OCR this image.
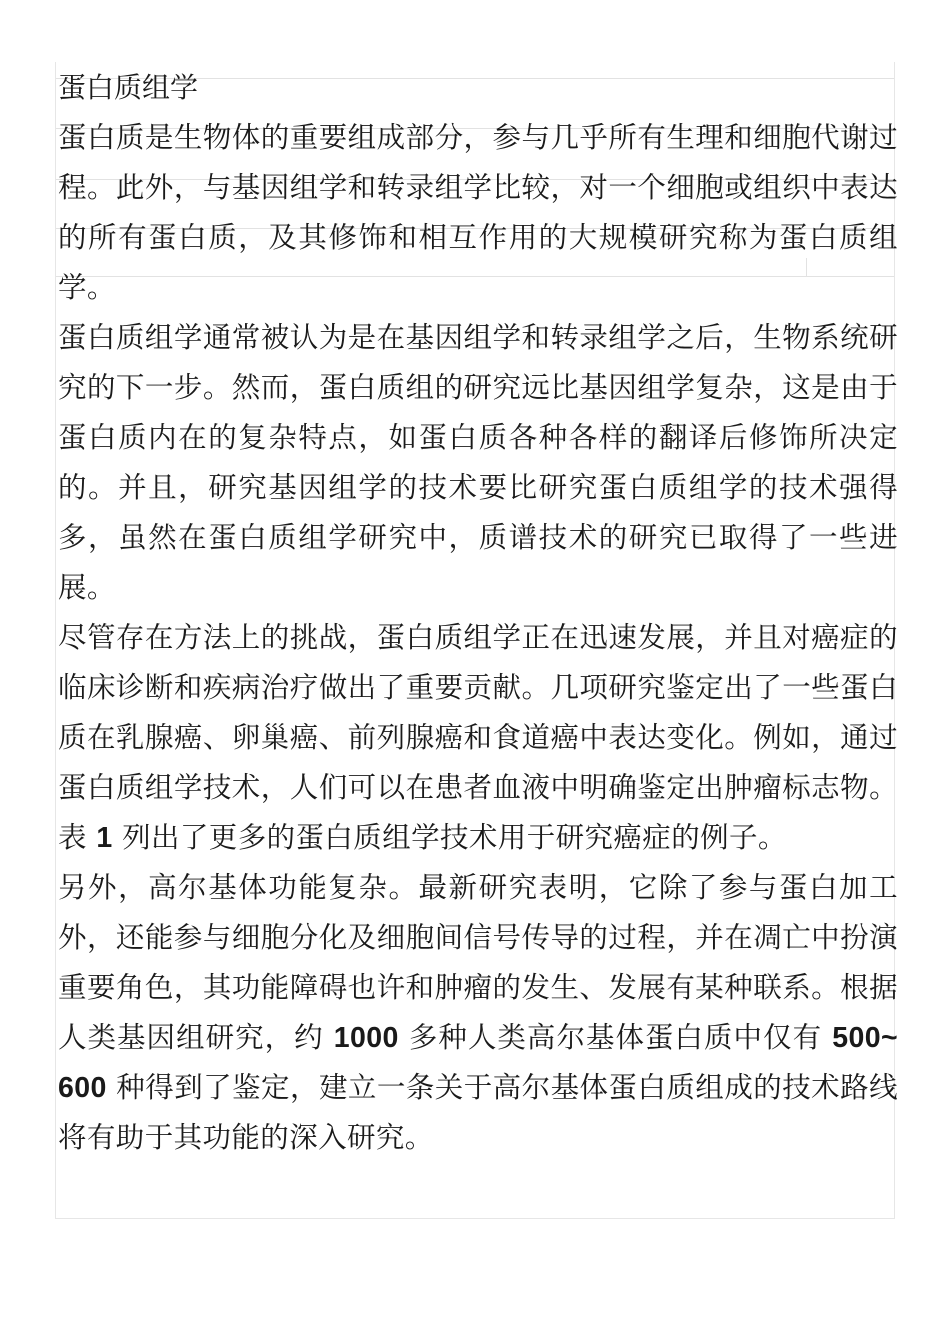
蛋白质组学

蛋白质是生物体的重要组成部分，参与几乎所有生理和细胞代谢过程。此外，与基因组学和转录组学比较，对一个细胞或组织中表达的所有蛋白质，及其修饰和相互作用的大规模研究称为蛋白质组学。

蛋白质组学通常被认为是在基因组学和转录组学之后，生物系统研究的下一步。然而，蛋白质组的研究远比基因组学复杂，这是由于蛋白质内在的复杂特点，如蛋白质各种各样的翻译后修饰所决定的。并且，研究基因组学的技术要比研究蛋白质组学的技术强得多，虽然在蛋白质组学研究中，质谱技术的研究已取得了一些进展。

尽管存在方法上的挑战，蛋白质组学正在迅速发展，并且对癌症的临床诊断和疾病治疗做出了重要贡献。几项研究鉴定出了一些蛋白质在乳腺癌、卵巢癌、前列腺癌和食道癌中表达变化。例如，通过蛋白质组学技术，人们可以在患者血液中明确鉴定出肿瘤标志物。表 1 列出了更多的蛋白质组学技术用于研究癌症的例子。

另外，高尔基体功能复杂。最新研究表明，它除了参与蛋白加工外，还能参与细胞分化及细胞间信号传导的过程，并在凋亡中扮演重要角色，其功能障碍也许和肿瘤的发生、发展有某种联系。根据人类基因组研究，约 1000 多种人类高尔基体蛋白质中仅有 500~600 种得到了鉴定，建立一条关于高尔基体蛋白质组成的技术路线将有助于其功能的深入研究。
